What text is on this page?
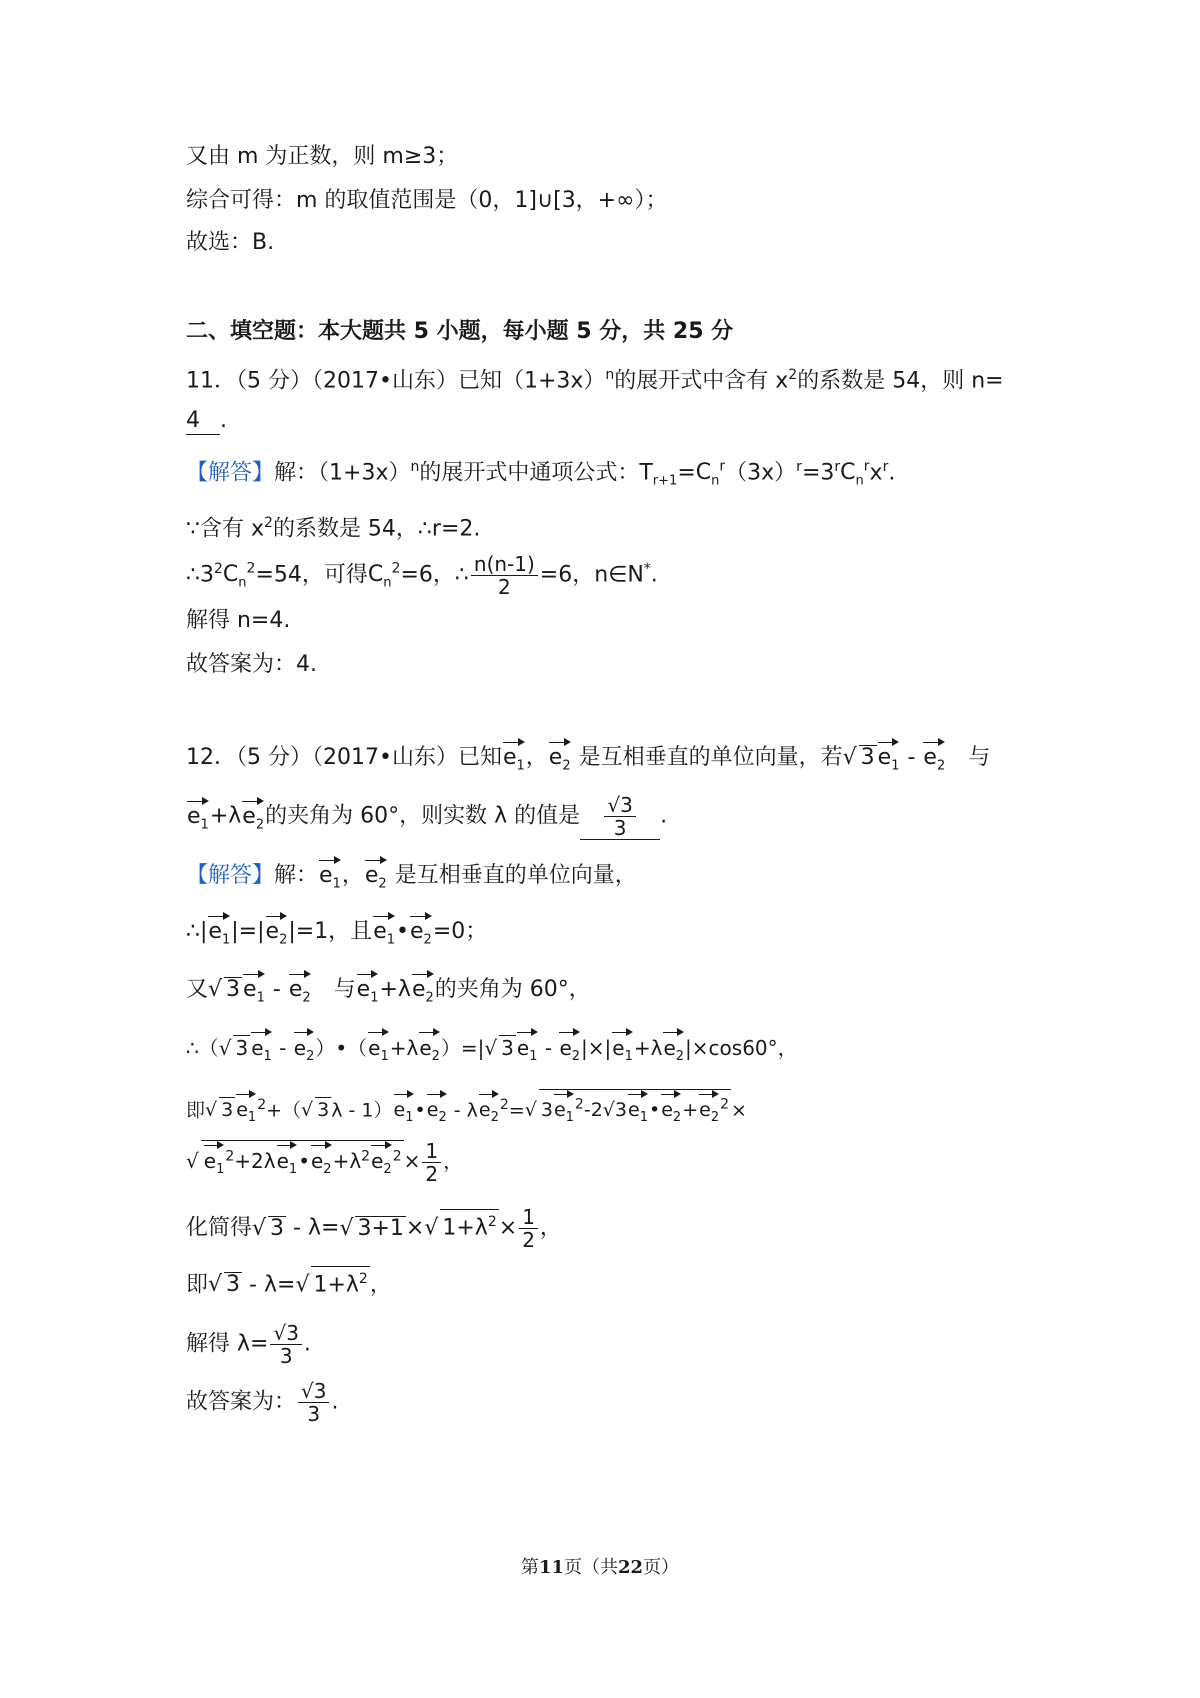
又由 m 为正数，则 m≥3；
综合可得：m 的取值范围是（0，1]∪[3，+∞）；
故选：B.
二、填空题：本大题共 5 小题，每小题 5 分，共 25 分
11．（5 分）（2017•山东）已知$(1+3x)^n$的展开式中含有 $x^2$的系数是 54，则 n=
4 .
【解答】解：$(1+3x)^n$的展开式中通项公式：$T_{r+1}=C_n^r(3x)^r=3^rC_n^rx^r$.
∵含有 $x^2$的系数是 54，∴r=2.
$\therefore 3^2C_n^2=54$，可得$C_n^2=6$，∴ $\frac{n(n-1)}{2} =6$，n∈N*.
解得 n=4.
故答案为：4.
12．（5 分）（2017•山东）已知$e_1$，$e_2$ 是互相垂直的单位向量，若√ 3 $e_1 - e_2$　与
$e_1+\lambda e_2$的夹角为 60°，则实数 λ 的值是 $\frac{√3}{3}$ .
【解答】解：$e_1$，$e_2$ 是互相垂直的单位向量，
$\therefore|e_1|=|e_2|=1$，且$e_1•e_2=0$；
又√ 3 $e_1 - e_2$　与$e_1+\lambda e_2$的夹角为 60°，
∴（√ 3 $e_1$ - $e_2)•(e_1+\lambda e_2)=|√$ 3 $e_1 - e_2|\times|e_1+\lambda e_2|\times\cos 60^\circ$，
即√ 3 $e_1^2+(√$ 3 $\lambda - 1)e_1•e_2 - \lambda e_2^2=√$ $3e_1^2-2√3e_1•e_2+e_2^2$ ×
√ $e_1^2+2\lambda e_1•e_2+\lambda^2e_2^2 \times \frac{1}{2}$ ，
化简得√ 3 - λ=√ 3+1×√ $1+\lambda^2\times \frac{1}{2}$ ，
即√ 3 - λ=√ $1+\lambda^2$，
解得 $\lambda= \frac{√3}{3}$ .
故答案为： $\frac{√3}{3}$ .
第11页（共22页）
